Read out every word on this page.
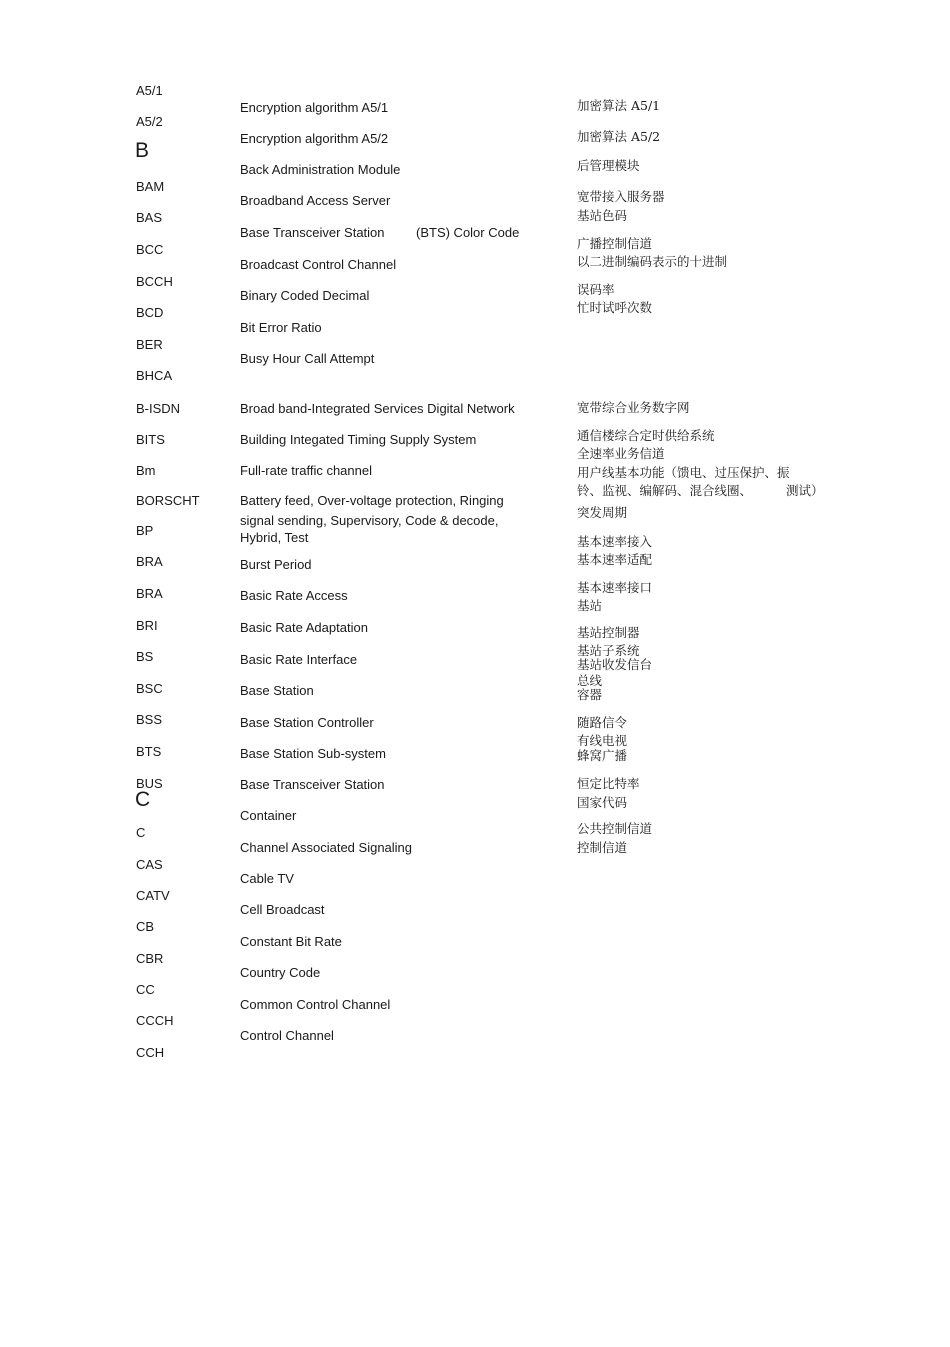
A5/1
A5/2
B
BAM
BAS
BCC
BCCH
BCD
BER
BHCA
B-ISDN
BITS
Bm
BORSCHT
BP
BRA
BRA
BRI
BS
BSC
BSS
BTS
BUS
C
C
CAS
CATV
CB
CBR
CC
CCCH
CCH
Encryption algorithm A5/1
Encryption algorithm A5/2
Back Administration Module
Broadband Access Server
Base Transceiver Station (BTS) Color Code
Broadcast Control Channel
Binary Coded Decimal
Bit Error Ratio
Busy Hour Call Attempt
Broad band-Integrated Services Digital Network
Building Integated Timing Supply System
Full-rate traffic channel
Battery feed, Over-voltage protection, Ringing
signal sending, Supervisory, Code & decode,
Hybrid, Test
Burst Period
Basic Rate Access
Basic Rate Adaptation
Basic Rate Interface
Base Station
Base Station Controller
Base Station Sub-system
Base Transceiver Station
Container
Channel Associated Signaling
Cable TV
Cell Broadcast
Constant Bit Rate
Country Code
Common Control Channel
Control Channel
加密算法 A5/1
加密算法 A5/2
后管理模块
宽带接入服务器
基站色码
广播控制信道
以二进制编码表示的十进制
误码率
忙时试呼次数
宽带综合业务数字网
通信楼综合定时供给系统
全速率业务信道
用户线基本功能（馈电、过压保护、振
铃、监视、编解码、混合线圈、	测试）
突发周期
基本速率接入
基本速率适配
基本速率接口
基站
基站控制器
基站子系统
基站收发信台
总线
容器
随路信令
有线电视
蜂窝广播
恒定比特率
国家代码
公共控制信道
控制信道
